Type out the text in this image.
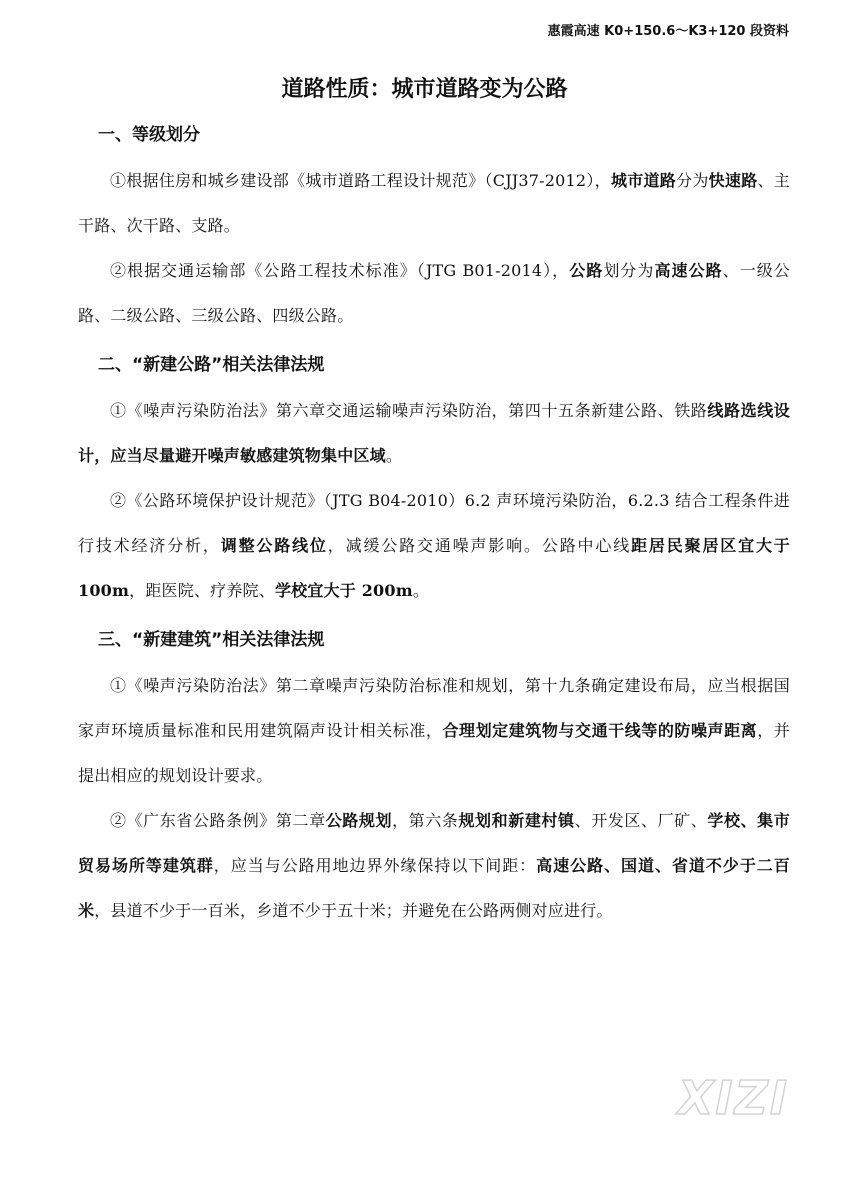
惠霞高速 K0+150.6～K3+120 段资料
道路性质：城市道路变为公路
一、等级划分

①根据住房和城乡建设部《城市道路工程设计规范》（CJJ37-2012），城市道路分为快速路、主干路、次干路、支路。

②根据交通运输部《公路工程技术标准》（JTG B01-2014），公路划分为高速公路、一级公路、二级公路、三级公路、四级公路。

二、“新建公路”相关法律法规

①《噪声污染防治法》第六章交通运输噪声污染防治，第四十五条新建公路、铁路线路选线设计，应当尽量避开噪声敏感建筑物集中区域。

②《公路环境保护设计规范》（JTG B04-2010）6.2 声环境污染防治，6.2.3 结合工程条件进行技术经济分析，调整公路线位，减缓公路交通噪声影响。公路中心线距居民聚居区宜大于 100m，距医院、疗养院、学校宜大于 200m。

三、“新建建筑”相关法律法规

①《噪声污染防治法》第二章噪声污染防治标准和规划，第十九条确定建设布局，应当根据国家声环境质量标准和民用建筑隔声设计相关标准，合理划定建筑物与交通干线等的防噪声距离，并提出相应的规划设计要求。

②《广东省公路条例》第二章公路规划，第六条规划和新建村镇、开发区、厂矿、学校、集市贸易场所等建筑群，应当与公路用地边界外缘保持以下间距：高速公路、国道、省道不少于二百米，县道不少于一百米，乡道不少于五十米；并避免在公路两侧对应进行。

XIZI
